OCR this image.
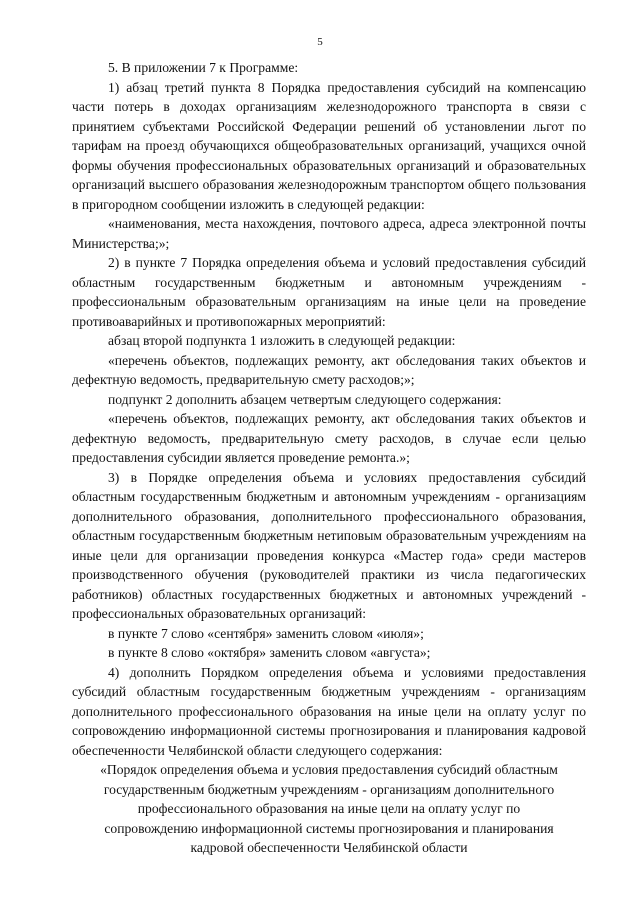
5

5. В приложении 7 к Программе:

1) абзац третий пункта 8 Порядка предоставления субсидий на компенсацию части потерь в доходах организациям железнодорожного транспорта в связи с принятием субъектами Российской Федерации решений об установлении льгот по тарифам на проезд обучающихся общеобразовательных организаций, учащихся очной формы обучения профессиональных образовательных организаций и образовательных организаций высшего образования железнодорожным транспортом общего пользования в пригородном сообщении изложить в следующей редакции:

«наименования, места нахождения, почтового адреса, адреса электронной почты Министерства;»;

2) в пункте 7 Порядка определения объема и условий предоставления субсидий областным государственным бюджетным и автономным учреждениям - профессиональным образовательным организациям на иные цели на проведение противоаварийных и противопожарных мероприятий:

абзац второй подпункта 1 изложить в следующей редакции:

«перечень объектов, подлежащих ремонту, акт обследования таких объектов и дефектную ведомость, предварительную смету расходов;»;

подпункт 2 дополнить абзацем четвертым следующего содержания:

«перечень объектов, подлежащих ремонту, акт обследования таких объектов и дефектную ведомость, предварительную смету расходов, в случае если целью предоставления субсидии является проведение ремонта.»;

3) в Порядке определения объема и условиях предоставления субсидий областным государственным бюджетным и автономным учреждениям - организациям дополнительного образования, дополнительного профессионального образования, областным государственным бюджетным нетиповым образовательным учреждениям на иные цели для организации проведения конкурса «Мастер года» среди мастеров производственного обучения (руководителей практики из числа педагогических работников) областных государственных бюджетных и автономных учреждений - профессиональных образовательных организаций:

в пункте 7 слово «сентября» заменить словом «июля»;

в пункте 8 слово «октября» заменить словом «августа»;

4) дополнить Порядком определения объема и условиями предоставления субсидий областным государственным бюджетным учреждениям - организациям дополнительного профессионального образования на иные цели на оплату услуг по сопровождению информационной системы прогнозирования и планирования кадровой обеспеченности Челябинской области следующего содержания:

«Порядок определения объема и условия предоставления субсидий областным

государственным бюджетным учреждениям - организациям дополнительного

профессионального образования на иные цели на оплату услуг по

сопровождению информационной системы прогнозирования и планирования

кадровой обеспеченности Челябинской области
